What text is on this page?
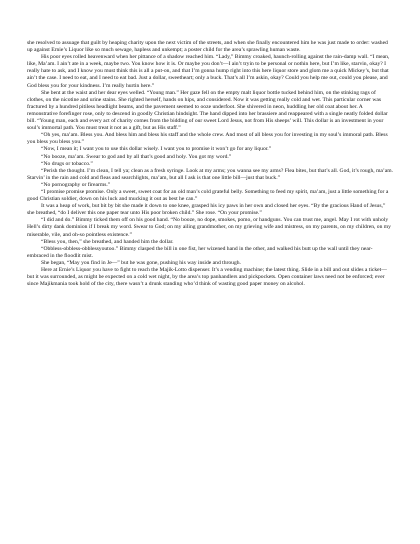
she resolved to assuage that guilt by heaping charity upon the next victim of the streets, and when she finally encountered him he was just made to order: washed up against Ernie’s Liquor like so much sewage, hapless and unkempt; a poster child for the area’s sprawling human waste.

His poor eyes rolled heavenward when her pittance of a shadow reached him. “Lady,” Bimmy croaked, haunch-rolling against the rain-damp wall. “I mean, like, Ma’am. I ain’t ate in a week, maybe two. You know how it is. Or maybe you don’t—I ain’t tryin to be personal or nothin here, but I’m like, starvin, okay? I really hate to ask, and I know you must think this is all a put-on, and that I’m gonna hump right into this here liquor store and glom me a quick Mickey’s, but that ain’t the case. I need to eat, and I need to eat bad. Just a dollar, sweetheart; only a buck. That’s all I’m askin, okay? Could you help me out, could you please, and God bless you for your kindness. I’m really hurtin here.”

She bent at the waist and her dear eyes welled. “Young man.” Her gaze fell on the empty malt liquor bottle tucked behind him, on the stinking rags of clothes, on the nicotine and urine stains. She righted herself, hands on hips, and considered. Now it was getting really cold and wet. This particular corner was fractured by a hundred pitiless headlight beams, and the pavement seemed to ooze underfoot. She shivered in neon, huddling her old coat about her. A remonstrative forefinger rose, only to descend in goodly Christian hindsight. The hand dipped into her brassiere and reappeared with a single neatly folded dollar bill. “Young man, each and every act of charity comes from the bidding of our sweet Lord Jesus, not from His sheeps’ will. This dollar is an investment in your soul’s immortal path. You must treat it not as a gift, but as His staff.”

“Oh yes, ma’am. Bless you. And bless him and bless his staff and the whole crew. And most of all bless you for investing in my soul’s immoral path. Bless you bless you bless you.”

“Now, I mean it; I want you to use this dollar wisely. I want you to promise it won’t go for any liquor.”

“No booze, ma’am. Swear to god and by all that’s good and holy. You got my word.”

“No drugs or tobacco.”

“Perish the thought. I’m clean, I tell ya; clean as a fresh syringe. Look at my arms; you wanna see my arms? Flea bites, but that’s all. God, it’s rough, ma’am. Starvin’ in the rain and cold and fleas and searchlights, ma’am, but all I ask is that one little bill—just that buck.”

“No pornography or firearms.”

“I promise promise promise. Only a sweet, sweet coat for an old man’s cold grateful belly. Something to feed my spirit, ma’am, just a little something for a good Christian soldier, down on his luck and mucking it out as best he can.”

It was a heap of work, but bit by bit she made it down to one knee, grasped his icy paws in her own and closed her eyes. “By the gracious Hand of Jesus,” she breathed, “do I deliver this one paper tear unto His poor broken child.” She rose. “On your promise.”

“I did and do.” Bimmy ticked them off on his good hand. “No booze, no dope, smokes, pomo, or handguns. You can trust me, angel. May I rot with unholy Hell’s dirty dank dominion if I break my word. Swear to God; on my ailing grandmother, on my grieving wife and mistress, on my parents, on my children, on my miserable, vile, and oh-so pointless existence.”

“Bless you, then,” she breathed, and handed him the dollar.

“Obbless-obbless-obblessyoutoo.” Bimmy clasped the bill in one fist, her wizened hand in the other, and walked his butt up the wall until they near-embraced in the floodlit mist.

She began, “May you find in Je—” but he was gone, pushing his way inside and through.

Here at Ernie’s Liquor you have to fight to reach the Majik-Lotto dispenser. It’s a vending machine; the latest thing. Slide in a bill and out slides a ticket—but it was surrounded, as might be expected on a cold wet night, by the area’s top panhandlers and pickpockets. Open container laws need not be enforced; ever since Majikmania took hold of the city, there wasn’t a drunk standing who’d think of wasting good paper money on alcohol.
